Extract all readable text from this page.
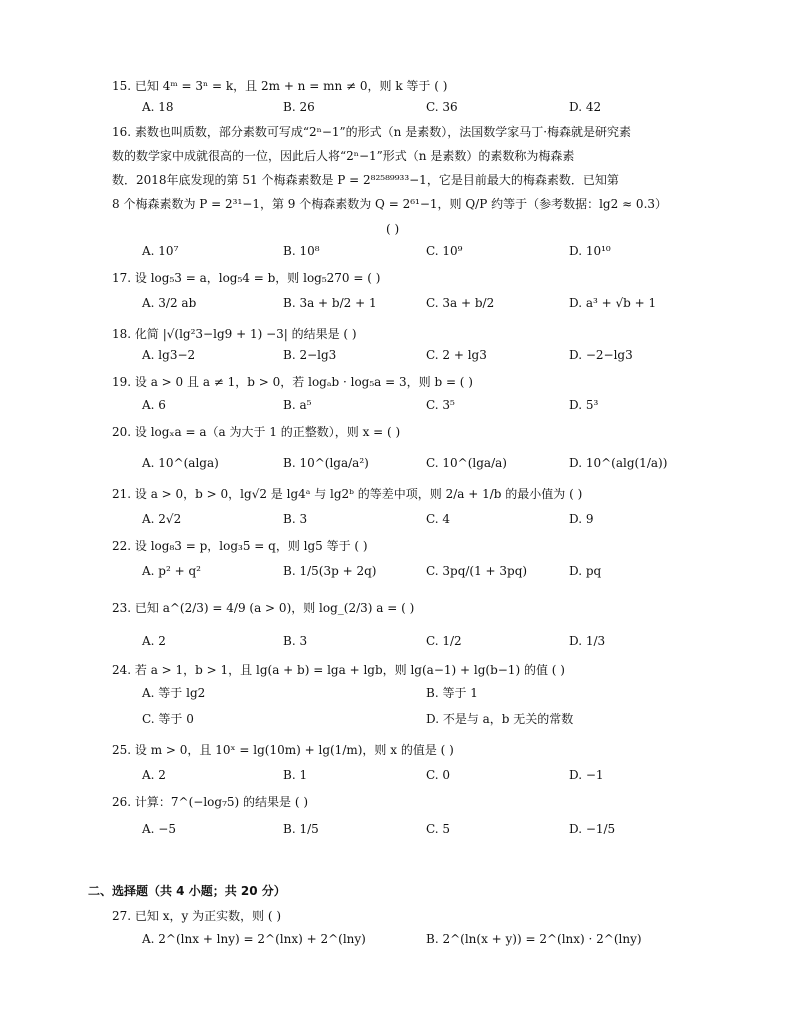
15. 已知 4ᵐ = 3ⁿ = k，且 2m + n = mn ≠ 0，则 k 等于 ( )
A. 18	B. 26	C. 36	D. 42
16. 素数也叫质数，部分素数可写成“2ⁿ−1”的形式（n 是素数），法国数学家马丁·梅森就是研究素
数的数学家中成就很高的一位，因此后人将“2ⁿ−1”形式（n 是素数）的素数称为梅森素
数．2018年底发现的第 51 个梅森素数是 P = 2⁸²⁵⁸⁹⁹³³−1，它是目前最大的梅森素数．已知第
8 个梅森素数为 P = 2³¹−1，第 9 个梅森素数为 Q = 2⁶¹−1，则 Q/P 约等于（参考数据：lg2 ≈ 0.3）
( )
A. 10⁷	B. 10⁸	C. 10⁹	D. 10¹⁰
17. 设 log₅3 = a，log₅4 = b，则 log₅270 = ( )
A. 3/2 ab	B. 3a + b/2 + 1	C. 3a + b/2	D. a³ + √b + 1
18. 化简 |√(lg²3−lg9 + 1) −3| 的结果是 ( )
A. lg3−2	B. 2−lg3	C. 2 + lg3	D. −2−lg3
19. 设 a > 0 且 a ≠ 1，b > 0，若 logₐb · log₅a = 3，则 b = ( )
A. 6	B. a⁵	C. 3⁵	D. 5³
20. 设 logₓa = a（a 为大于 1 的正整数），则 x = ( )
A. 10^(alga)	B. 10^(lga/a²)	C. 10^(lga/a)	D. 10^(alg(1/a))
21. 设 a > 0，b > 0，lg√2 是 lg4ᵃ 与 lg2ᵇ 的等差中项，则 2/a + 1/b 的最小值为 ( )
A. 2√2	B. 3	C. 4	D. 9
22. 设 log₈3 = p，log₃5 = q，则 lg5 等于 ( )
A. p² + q²	B. 1/5(3p + 2q)	C. 3pq/(1 + 3pq)	D. pq
23. 已知 a^(2/3) = 4/9 (a > 0)，则 log_(2/3) a = ( )
A. 2	B. 3	C. 1/2	D. 1/3
24. 若 a > 1，b > 1，且 lg(a + b) = lga + lgb，则 lg(a−1) + lg(b−1) 的值 ( )
A. 等于 lg2	B. 等于 1
C. 等于 0	D. 不是与 a，b 无关的常数
25. 设 m > 0，且 10ˣ = lg(10m) + lg(1/m)，则 x 的值是 ( )
A. 2	B. 1	C. 0	D. −1
26. 计算：7^(−log₇5) 的结果是 ( )
A. −5	B. 1/5	C. 5	D. −1/5
二、选择题（共 4 小题；共 20 分）
27. 已知 x，y 为正实数，则 ( )
A. 2^(lnx + lny) = 2^(lnx) + 2^(lny)	B. 2^(ln(x + y)) = 2^(lnx) · 2^(lny)
